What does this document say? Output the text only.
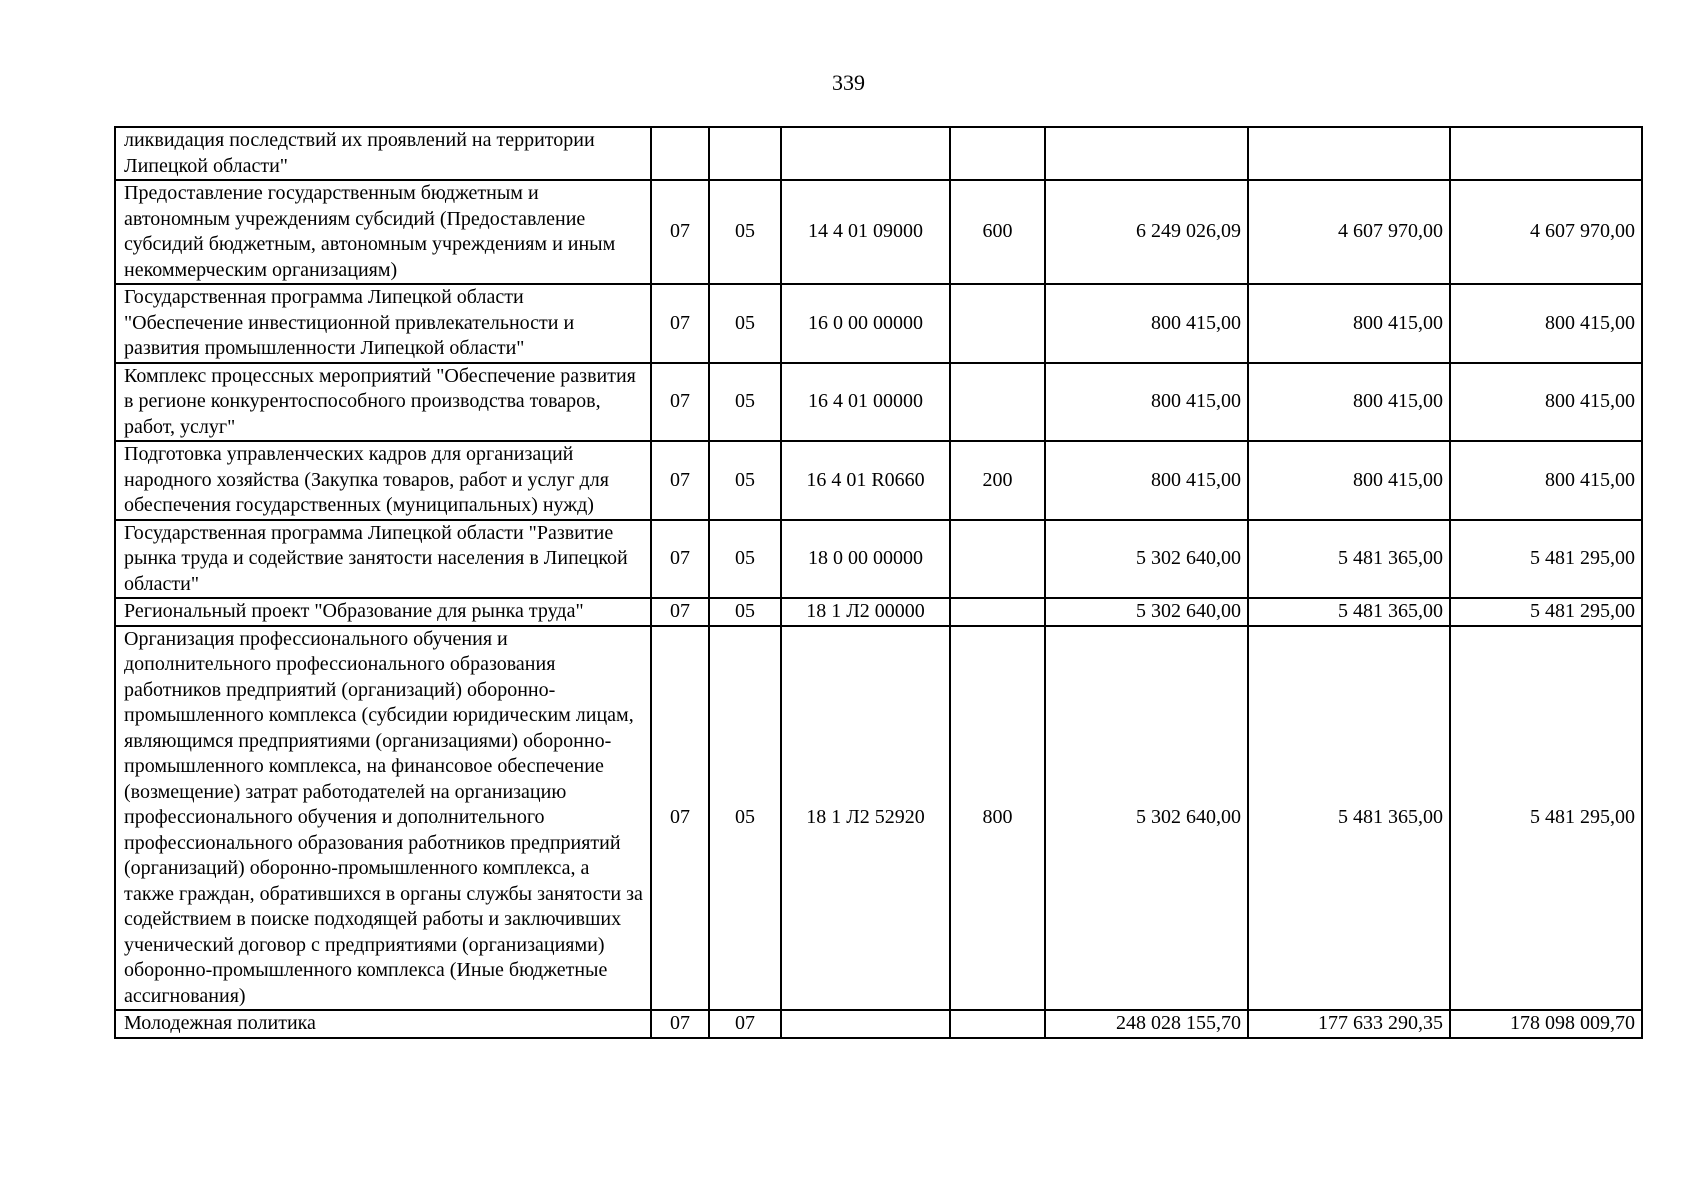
339
ликвидация последствий их проявлений на территории Липецкой области"							
Предоставление государственным бюджетным и автономным учреждениям субсидий (Предоставление субсидий бюджетным, автономным учреждениям и иным некоммерческим организациям)	07	05	14 4 01 09000	600	6 249 026,09	4 607 970,00	4 607 970,00
Государственная программа Липецкой области "Обеспечение инвестиционной привлекательности и развития промышленности Липецкой области"	07	05	16 0 00 00000		800 415,00	800 415,00	800 415,00
Комплекс процессных мероприятий "Обеспечение развития в регионе конкурентоспособного производства товаров, работ, услуг"	07	05	16 4 01 00000		800 415,00	800 415,00	800 415,00
Подготовка управленческих кадров для организаций народного хозяйства (Закупка товаров, работ и услуг для обеспечения государственных (муниципальных) нужд)	07	05	16 4 01 R0660	200	800 415,00	800 415,00	800 415,00
Государственная программа Липецкой области "Развитие рынка труда и содействие занятости населения в Липецкой области"	07	05	18 0 00 00000		5 302 640,00	5 481 365,00	5 481 295,00
Региональный проект "Образование для рынка труда"	07	05	18 1 Л2 00000		5 302 640,00	5 481 365,00	5 481 295,00
Организация профессионального обучения и дополнительного профессионального образования работников предприятий (организаций) оборонно-промышленного комплекса (субсидии юридическим лицам, являющимся предприятиями (организациями) оборонно-промышленного комплекса, на финансовое обеспечение (возмещение) затрат работодателей на организацию профессионального обучения и дополнительного профессионального образования работников предприятий (организаций) оборонно-промышленного комплекса, а также граждан, обратившихся в органы службы занятости за содействием в поиске подходящей работы и заключивших ученический договор с предприятиями (организациями) оборонно-промышленного комплекса (Иные бюджетные ассигнования)	07	05	18 1 Л2 52920	800	5 302 640,00	5 481 365,00	5 481 295,00
Молодежная политика	07	07			248 028 155,70	177 633 290,35	178 098 009,70
